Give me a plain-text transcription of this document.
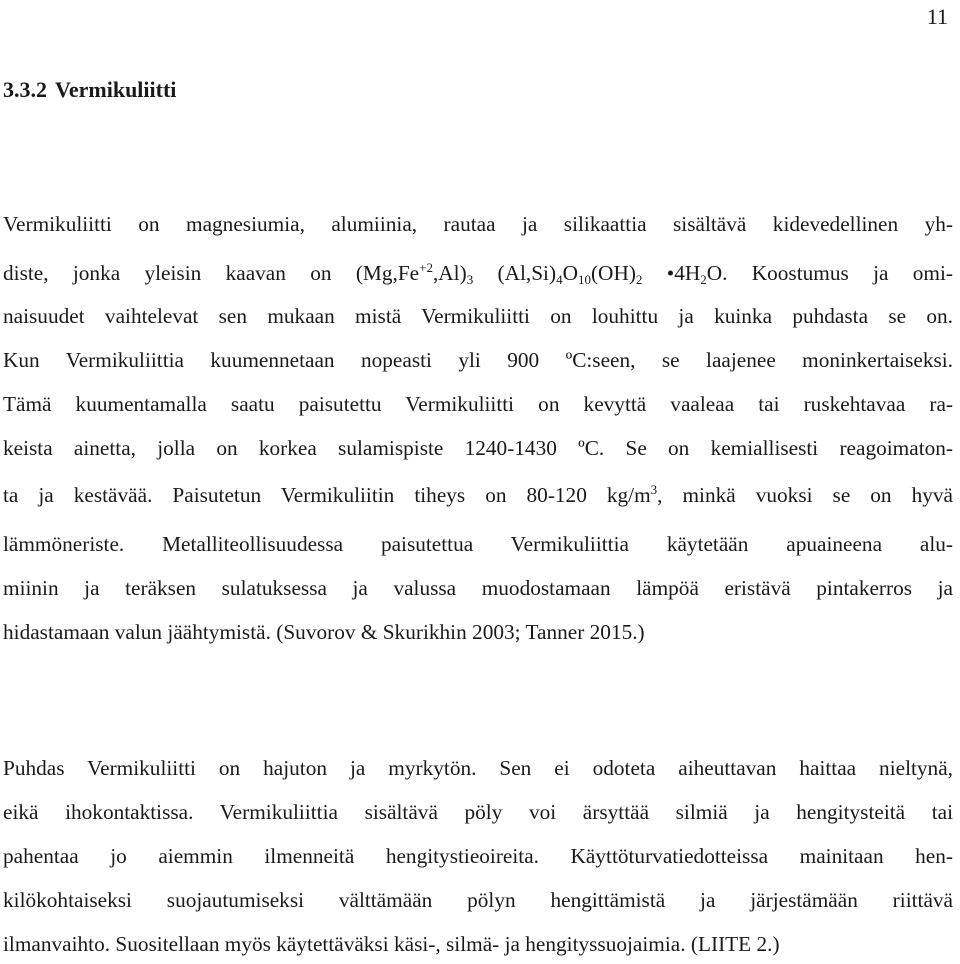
11
3.3.2 Vermikuliitti
Vermikuliitti on magnesiumia, alumiinia, rautaa ja silikaattia sisältävä kidevedellinen yh-
diste, jonka yleisin kaavan on $(Mg,Fe^{+2},Al)_3$ $(Al,Si)_4O_{10}(OH)_2$ $•4H_2O$. Koostumus ja omi-
naisuudet vaihtelevat sen mukaan mistä Vermikuliitti on louhittu ja kuinka puhdasta se on.
Kun Vermikuliittia kuumennetaan nopeasti yli 900 ºC:seen, se laajenee moninkertaiseksi.
Tämä kuumentamalla saatu paisutettu Vermikuliitti on kevyttä vaaleaa tai ruskehtavaa ra-
keista ainetta, jolla on korkea sulamispiste 1240-1430 ºC. Se on kemiallisesti reagoimaton-
ta ja kestävää. Paisutetun Vermikuliitin tiheys on 80-120 $kg/m^3$, minkä vuoksi se on hyvä
lämmöneriste. Metalliteollisuudessa paisutettua Vermikuliittia käytetään apuaineena alu-
miinin ja teräksen sulatuksessa ja valussa muodostamaan lämpöä eristävä pintakerros ja
hidastamaan valun jäähtymistä. (Suvorov & Skurikhin 2003; Tanner 2015.)
Puhdas Vermikuliitti on hajuton ja myrkytön. Sen ei odoteta aiheuttavan haittaa nieltynä,
eikä ihokontaktissa. Vermikuliittia sisältävä pöly voi ärsyttää silmiä ja hengitysteitä tai
pahentaa jo aiemmin ilmenneitä hengitystieoireita. Käyttöturvatiedotteissa mainitaan hen-
kilökohtaiseksi suojautumiseksi välttämään pölyn hengittämistä ja järjestämään riittävä
ilmanvaihto. Suositellaan myös käytettäväksi käsi-, silmä- ja hengityssuojaimia. (LIITE 2.)
